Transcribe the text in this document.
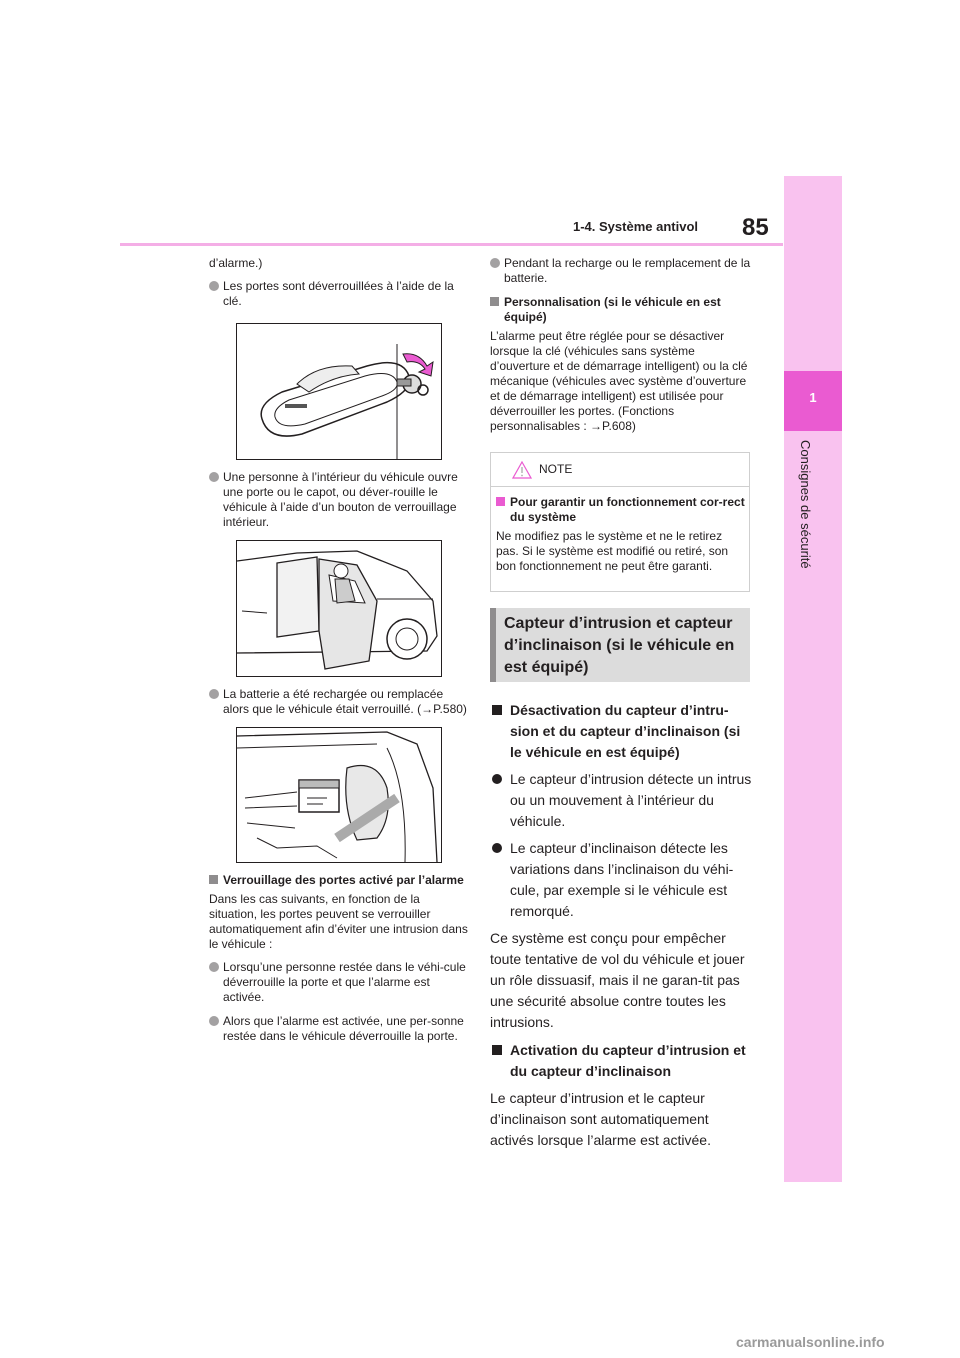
85
1-4. Système antivol
1
Consignes de sécurité
d’alarme.)
Les portes sont déverrouillées à l’aide de la clé.
Une personne à l’intérieur du véhicule ouvre une porte ou le capot, ou déver-rouille le véhicule à l’aide d’un bouton de verrouillage intérieur.
La batterie a été rechargée ou remplacée alors que le véhicule était verrouillé. (→P.580)
Verrouillage des portes activé par l’alarme
Dans les cas suivants, en fonction de la situation, les portes peuvent se verrouiller automatiquement afin d’éviter une intrusion dans le véhicule :
Lorsqu’une personne restée dans le véhi-cule déverrouille la porte et que l’alarme est activée.
Alors que l’alarme est activée, une per-sonne restée dans le véhicule déverrouille la porte.
Pendant la recharge ou le remplacement de la batterie.
Personnalisation (si le véhicule en est équipé)
L’alarme peut être réglée pour se désactiver lorsque la clé (véhicules sans système d’ouverture et de démarrage intelligent) ou la clé mécanique (véhicules avec système d’ouverture et de démarrage intelligent) est utilisée pour déverrouiller les portes. (Fonctions personnalisables : →P.608)
NOTE
Pour garantir un fonctionnement cor-rect du système
Ne modifiez pas le système et ne le retirez pas. Si le système est modifié ou retiré, son bon fonctionnement ne peut être garanti.
Capteur d’intrusion et capteur d’inclinaison (si le véhicule en est équipé)
Désactivation du capteur d’intru-sion et du capteur d’inclinaison (si le véhicule en est équipé)
Le capteur d’intrusion détecte un intrus ou un mouvement à l’intérieur du véhicule.
Le capteur d’inclinaison détecte les variations dans l’inclinaison du véhi-cule, par exemple si le véhicule est remorqué.
Ce système est conçu pour empêcher toute tentative de vol du véhicule et jouer un rôle dissuasif, mais il ne garan-tit pas une sécurité absolue contre toutes les intrusions.
Activation du capteur d’intrusion et du capteur d’inclinaison
Le capteur d’intrusion et le capteur d’inclinaison sont automatiquement activés lorsque l’alarme est activée.
carmanualsonline.info
